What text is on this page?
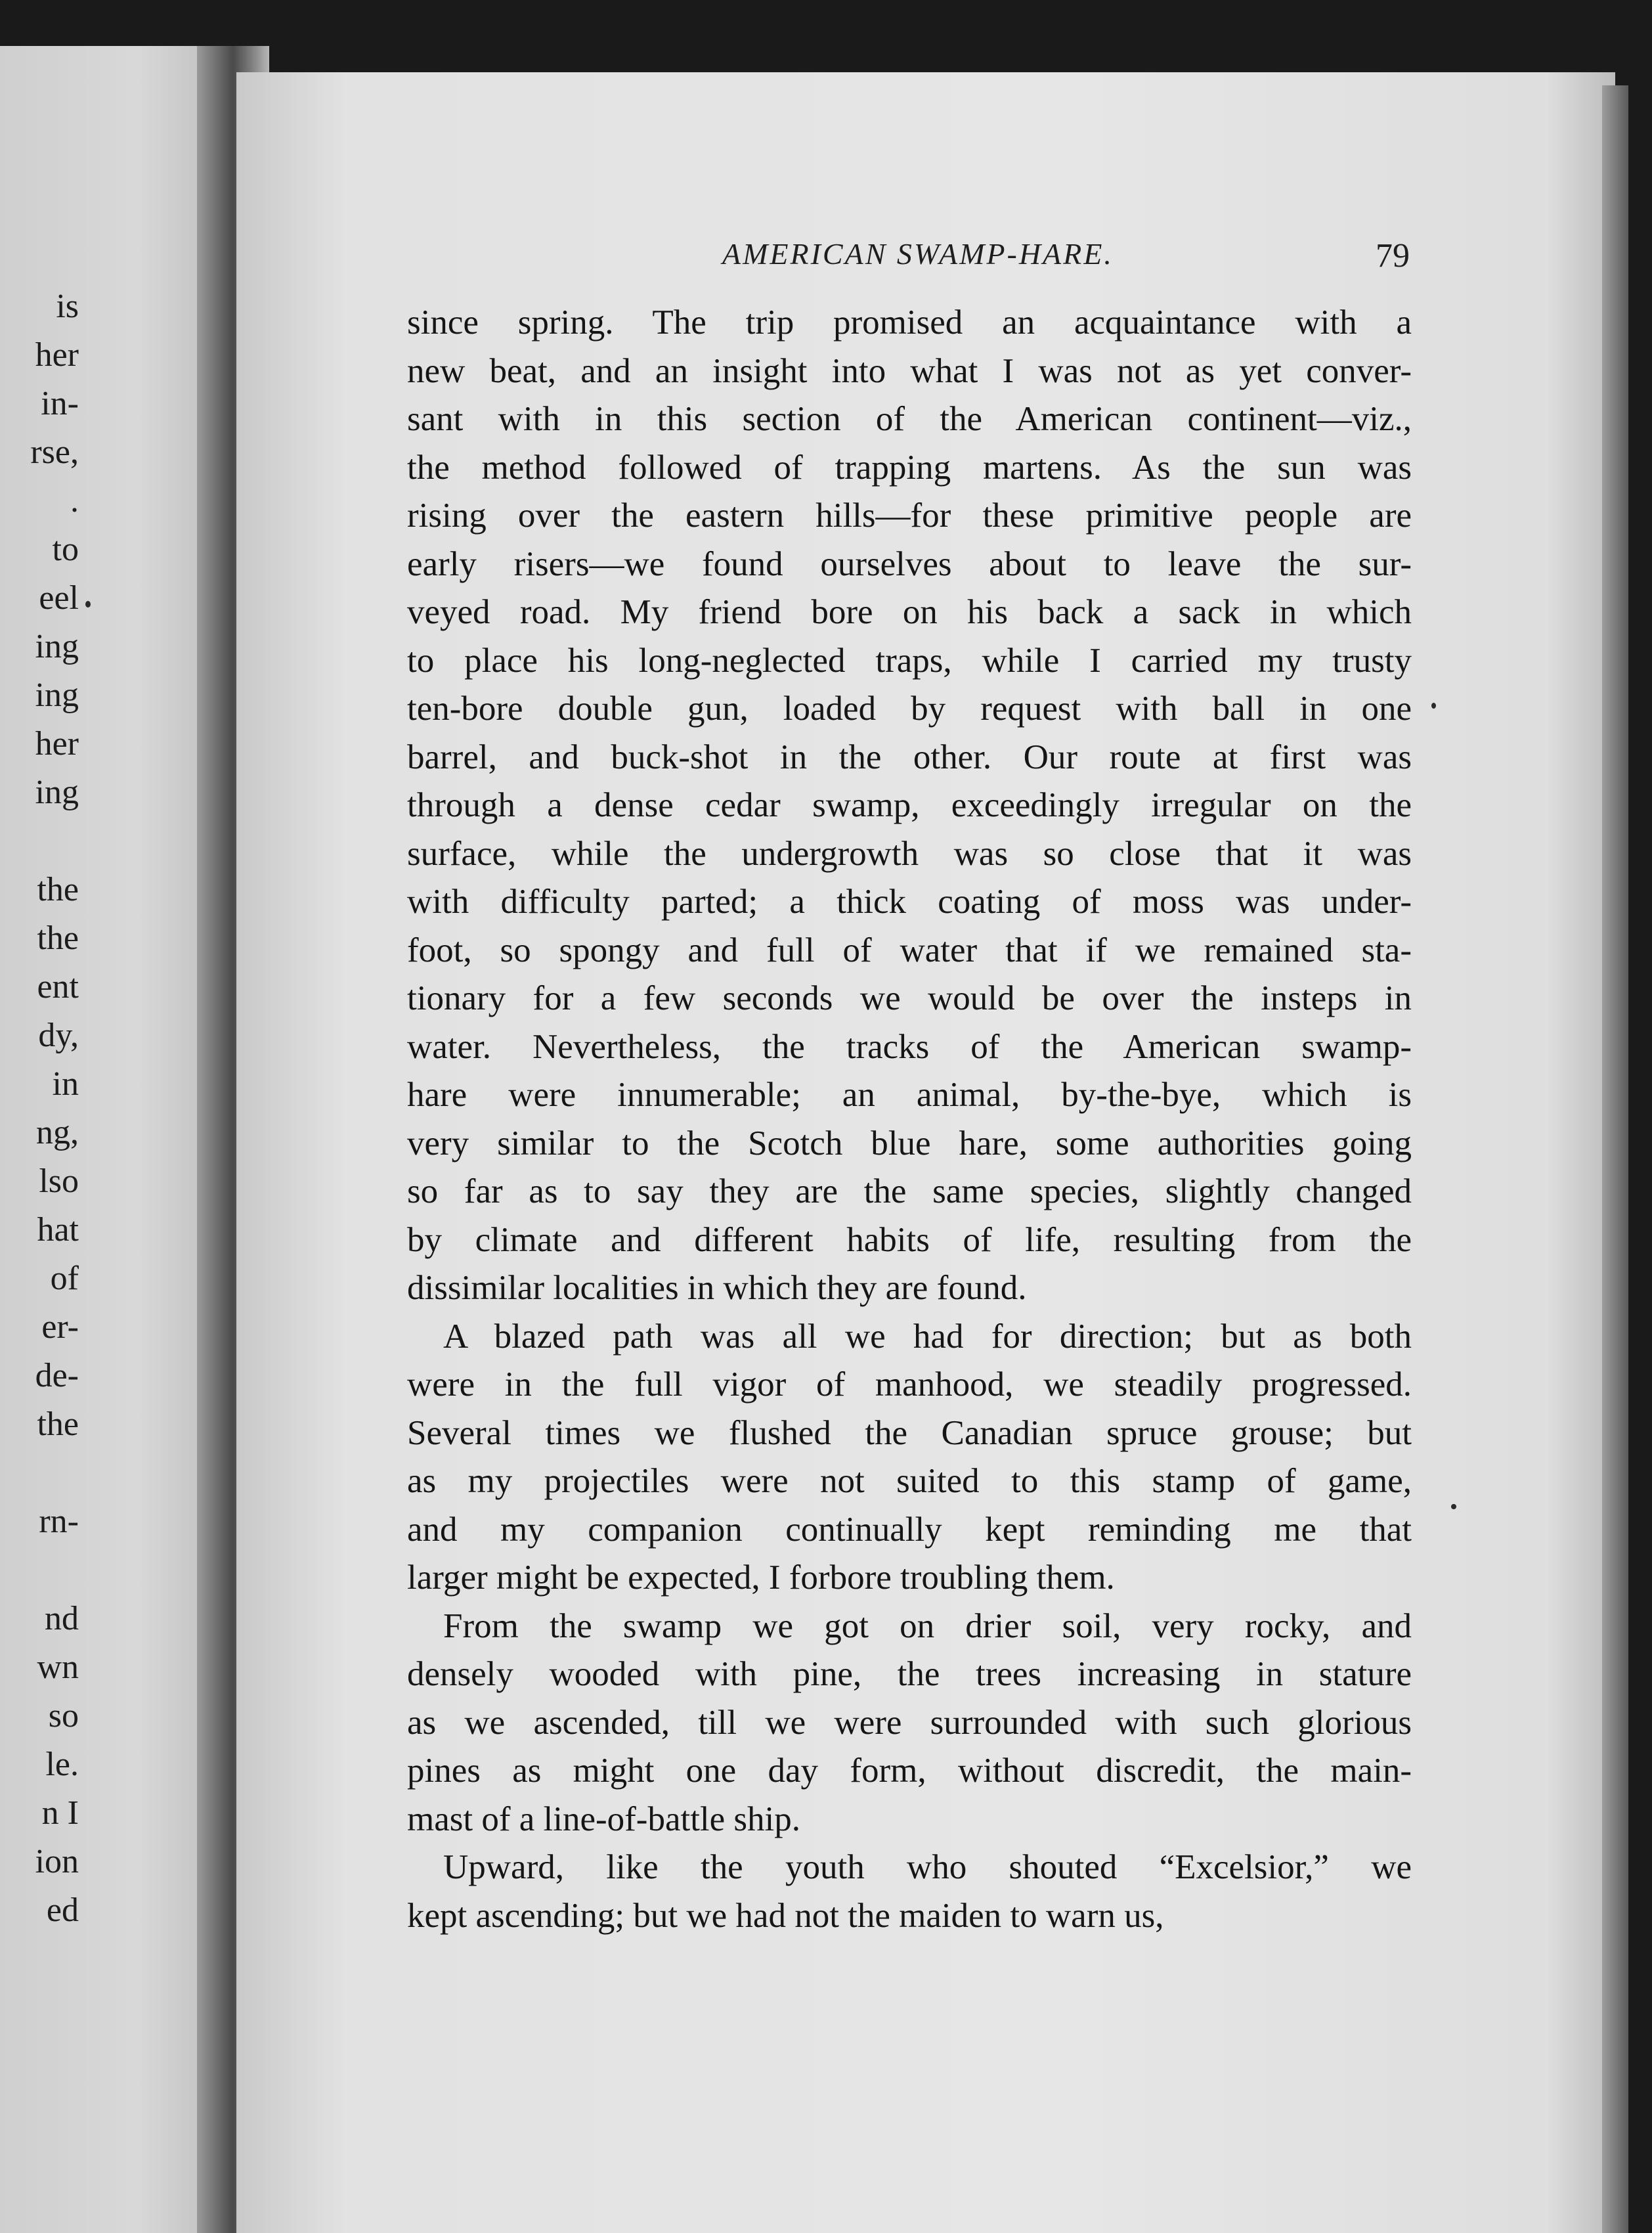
is
her
in-
rse,
.
to
eel
ing
ing
her
ing
the
the
ent
dy,
in
ng,
lso
hat
of
er-
de-
the
rn-
nd
wn
so
le.
n I
ion
ed
AMERICAN SWAMP-HARE.	79
since spring. The trip promised an acquaintance with a
new beat, and an insight into what I was not as yet conver-
sant with in this section of the American continent—viz.,
the method followed of trapping martens. As the sun was
rising over the eastern hills—for these primitive people are
early risers—we found ourselves about to leave the sur-
veyed road. My friend bore on his back a sack in which
to place his long-neglected traps, while I carried my trusty
ten-bore double gun, loaded by request with ball in one
barrel, and buck-shot in the other. Our route at first was
through a dense cedar swamp, exceedingly irregular on the
surface, while the undergrowth was so close that it was
with difficulty parted; a thick coating of moss was under-
foot, so spongy and full of water that if we remained sta-
tionary for a few seconds we would be over the insteps in
water. Nevertheless, the tracks of the American swamp-
hare were innumerable; an animal, by-the-bye, which is
very similar to the Scotch blue hare, some authorities going
so far as to say they are the same species, slightly changed
by climate and different habits of life, resulting from the
dissimilar localities in which they are found.
A blazed path was all we had for direction; but as both
were in the full vigor of manhood, we steadily progressed.
Several times we flushed the Canadian spruce grouse; but
as my projectiles were not suited to this stamp of game,
and my companion continually kept reminding me that
larger might be expected, I forbore troubling them.
From the swamp we got on drier soil, very rocky, and
densely wooded with pine, the trees increasing in stature
as we ascended, till we were surrounded with such glorious
pines as might one day form, without discredit, the main-
mast of a line-of-battle ship.
Upward, like the youth who shouted “Excelsior,” we
kept ascending; but we had not the maiden to warn us,
